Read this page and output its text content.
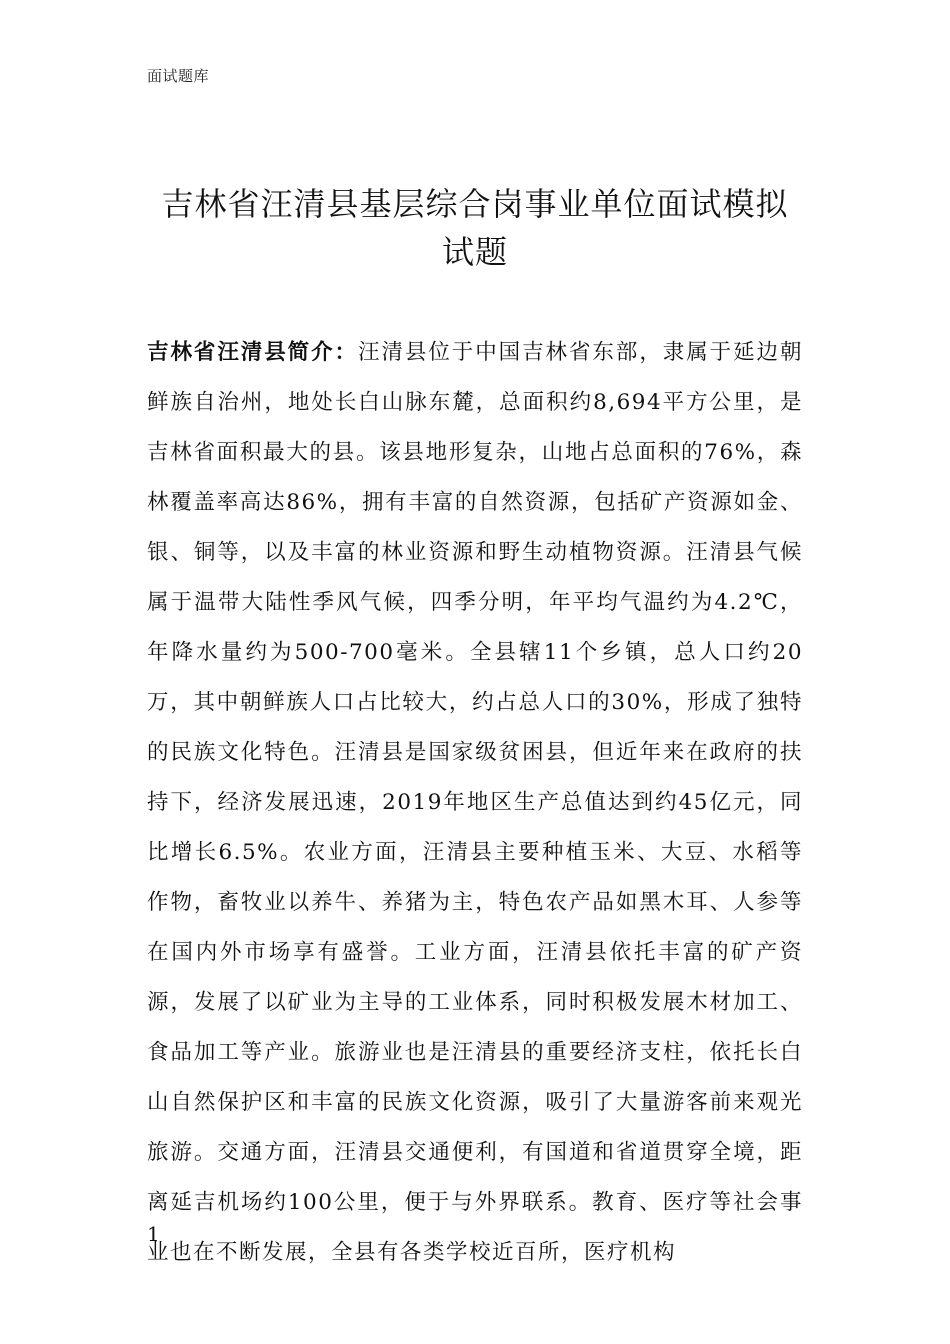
面试题库
吉林省汪清县基层综合岗事业单位面试模拟试题

吉林省汪清县简介：汪清县位于中国吉林省东部，隶属于延边朝鲜族自治州，地处长白山脉东麓，总面积约8,694平方公里，是吉林省面积最大的县。该县地形复杂，山地占总面积的76%，森林覆盖率高达86%，拥有丰富的自然资源，包括矿产资源如金、银、铜等，以及丰富的林业资源和野生动植物资源。汪清县气候属于温带大陆性季风气候，四季分明，年平均气温约为4.2℃，年降水量约为500-700毫米。全县辖11个乡镇，总人口约20万，其中朝鲜族人口占比较大，约占总人口的30%，形成了独特的民族文化特色。汪清县是国家级贫困县，但近年来在政府的扶持下，经济发展迅速，2019年地区生产总值达到约45亿元，同比增长6.5%。农业方面，汪清县主要种植玉米、大豆、水稻等作物，畜牧业以养牛、养猪为主，特色农产品如黑木耳、人参等在国内外市场享有盛誉。工业方面，汪清县依托丰富的矿产资源，发展了以矿业为主导的工业体系，同时积极发展木材加工、食品加工等产业。旅游业也是汪清县的重要经济支柱，依托长白山自然保护区和丰富的民族文化资源，吸引了大量游客前来观光旅游。交通方面，汪清县交通便利，有国道和省道贯穿全境，距离延吉机场约100公里，便于与外界联系。教育、医疗等社会事业也在不断发展，全县有各类学校近百所，医疗机构

1
